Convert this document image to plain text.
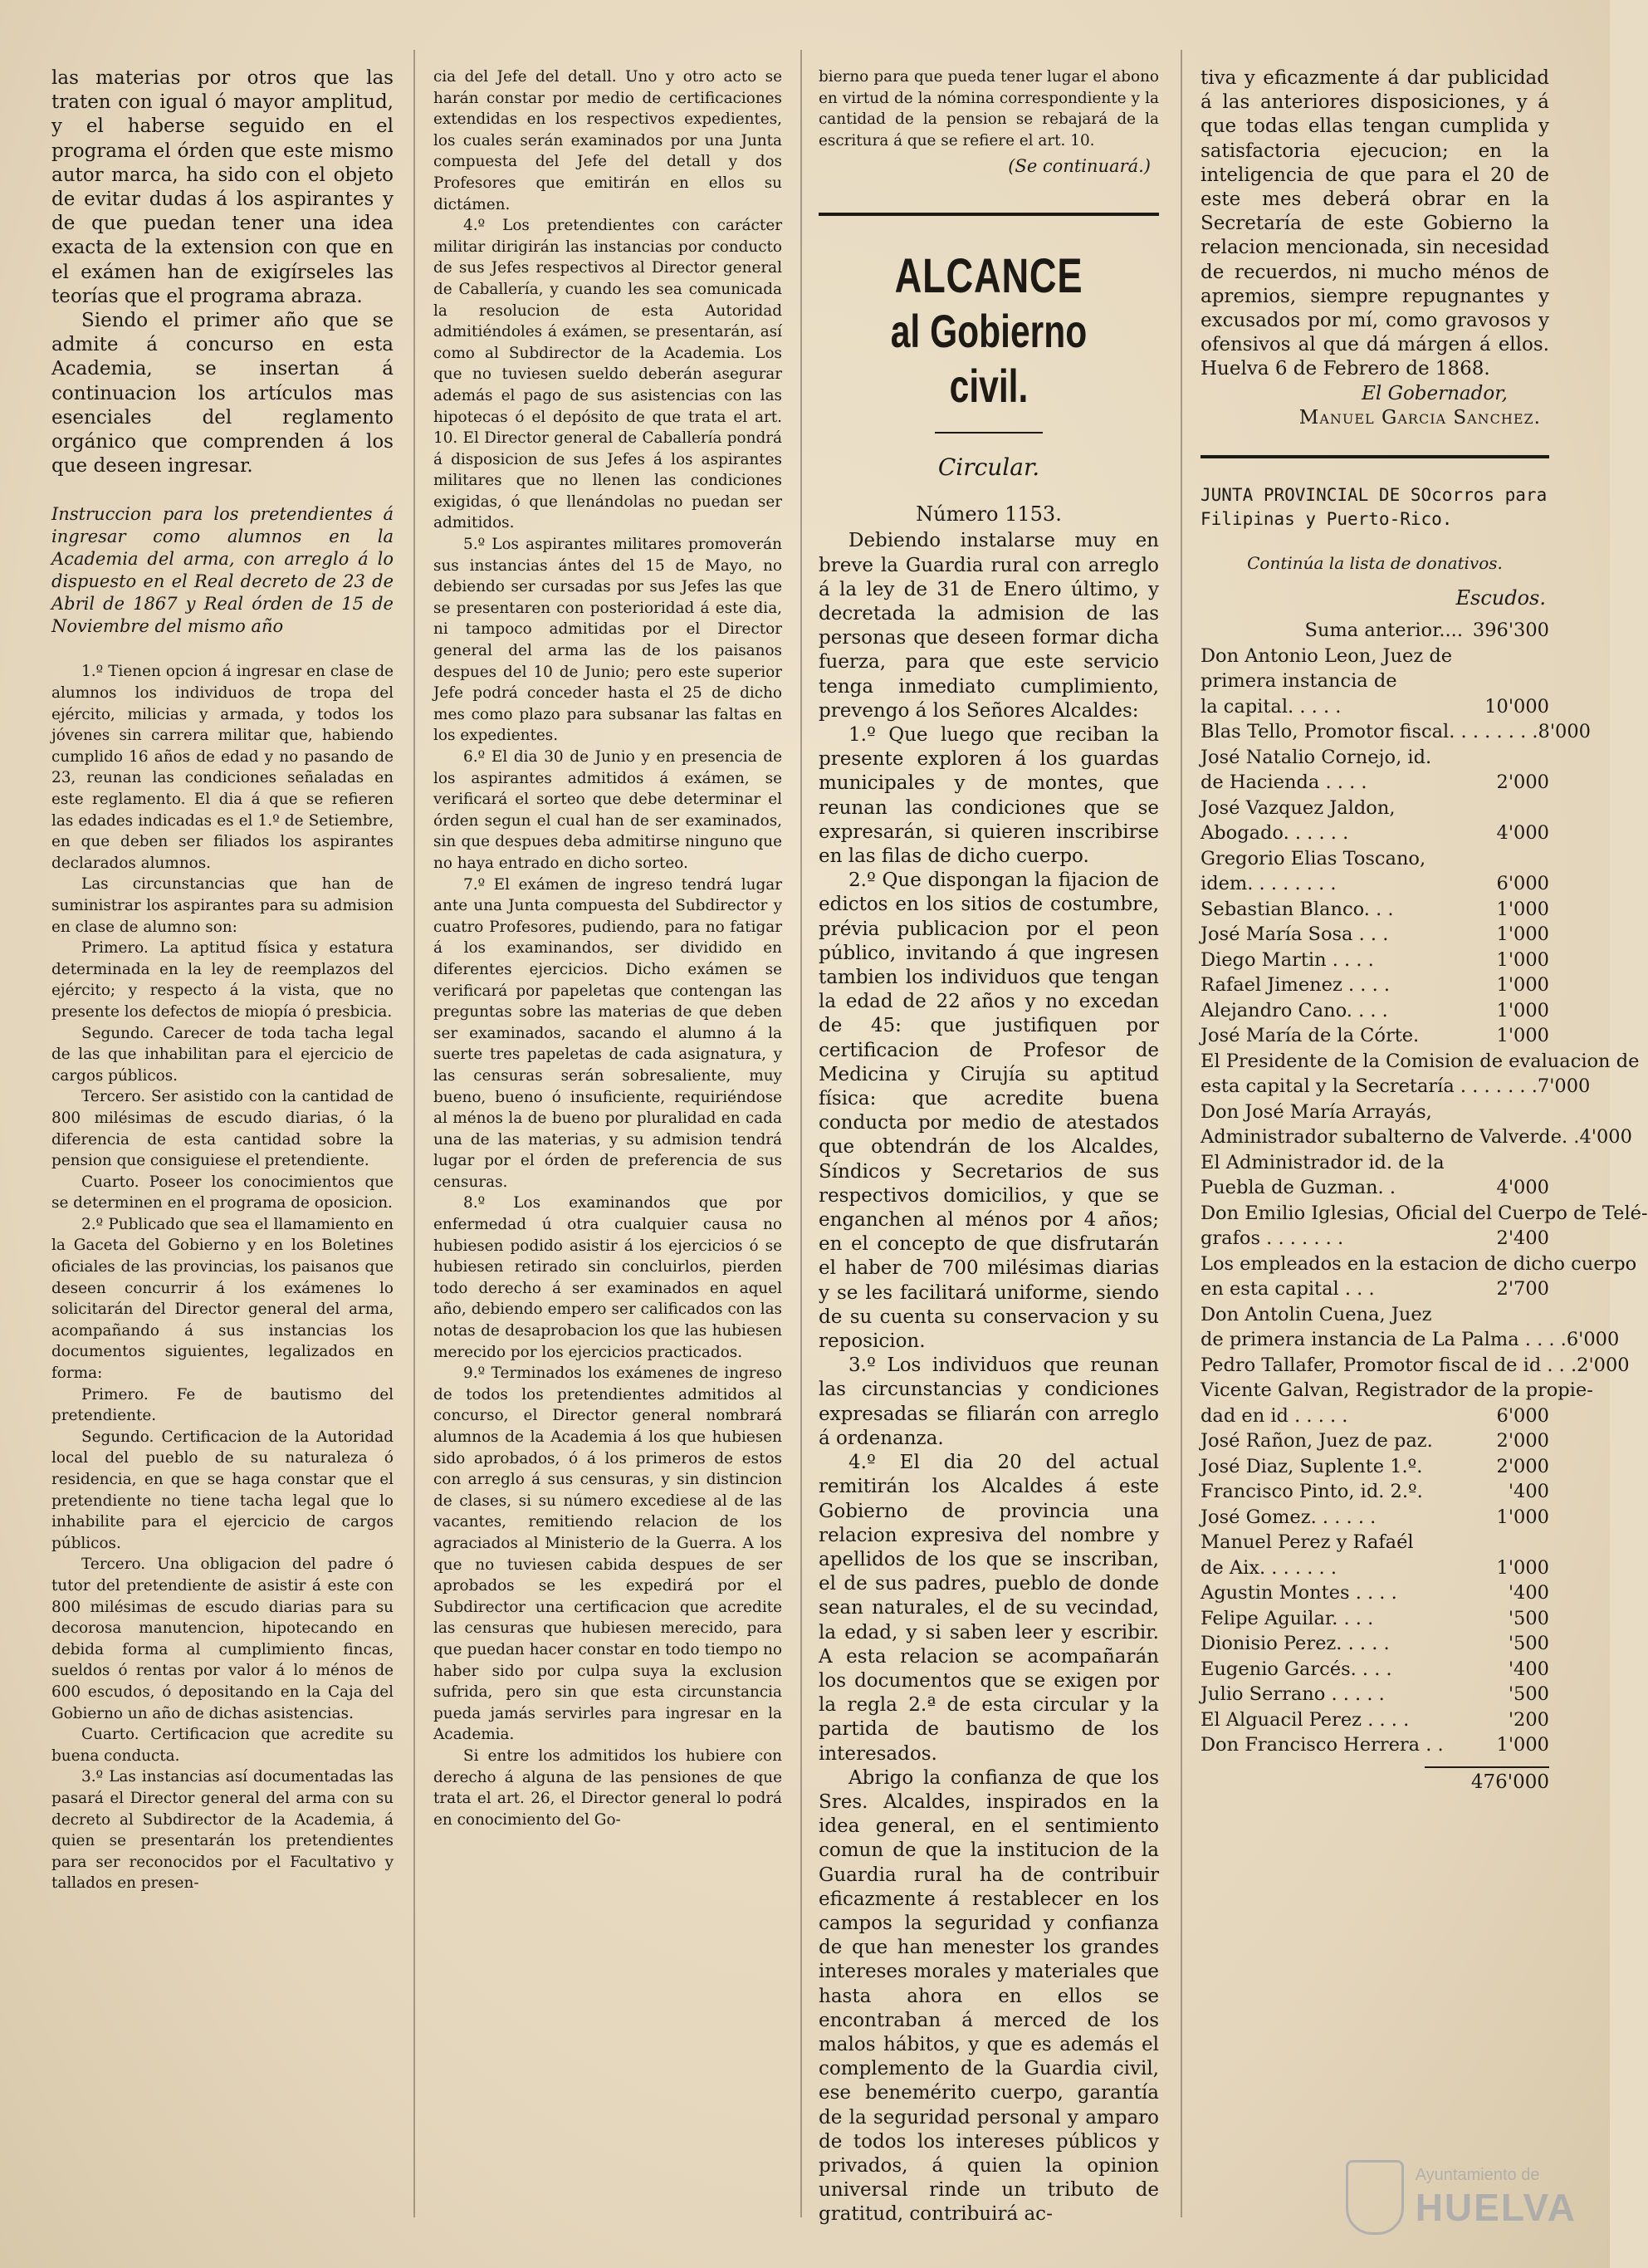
las materias por otros que las traten con igual ó mayor amplitud, y el haberse seguido en el programa el órden que este mismo autor marca, ha sido con el objeto de evitar dudas á los aspirantes y de que puedan tener una idea exacta de la extension con que en el exámen han de exigírseles las teorías que el programa abraza.

Siendo el primer año que se admite á concurso en esta Academia, se insertan á continuacion los artículos mas esenciales del reglamento orgánico que comprenden á los que deseen ingresar.

Instruccion para los pretendientes á ingresar como alumnos en la Academia del arma, con arreglo á lo dispuesto en el Real decreto de 23 de Abril de 1867 y Real órden de 15 de Noviembre del mismo año

1.º Tienen opcion á ingresar en clase de alumnos los individuos de tropa del ejército, milicias y armada, y todos los jóvenes sin carrera militar que, habiendo cumplido 16 años de edad y no pasando de 23, reunan las condiciones señaladas en este reglamento. El dia á que se refieren las edades indicadas es el 1.º de Setiembre, en que deben ser filiados los aspirantes declarados alumnos.

Las circunstancias que han de suministrar los aspirantes para su admision en clase de alumno son:

Primero. La aptitud física y estatura determinada en la ley de reemplazos del ejército; y respecto á la vista, que no presente los defectos de miopía ó presbicia.

Segundo. Carecer de toda tacha legal de las que inhabilitan para el ejercicio de cargos públicos.

Tercero. Ser asistido con la cantidad de 800 milésimas de escudo diarias, ó la diferencia de esta cantidad sobre la pension que consiguiese el pretendiente.

Cuarto. Poseer los conocimientos que se determinen en el programa de oposicion.

2.º Publicado que sea el llamamiento en la Gaceta del Gobierno y en los Boletines oficiales de las provincias, los paisanos que deseen concurrir á los exámenes lo solicitarán del Director general del arma, acompañando á sus instancias los documentos siguientes, legalizados en forma:

Primero. Fe de bautismo del pretendiente.

Segundo. Certificacion de la Autoridad local del pueblo de su naturaleza ó residencia, en que se haga constar que el pretendiente no tiene tacha legal que lo inhabilite para el ejercicio de cargos públicos.

Tercero. Una obligacion del padre ó tutor del pretendiente de asistir á este con 800 milésimas de escudo diarias para su decorosa manutencion, hipotecando en debida forma al cumplimiento fincas, sueldos ó rentas por valor á lo ménos de 600 escudos, ó depositando en la Caja del Gobierno un año de dichas asistencias.

Cuarto. Certificacion que acredite su buena conducta.

3.º Las instancias así documentadas las pasará el Director general del arma con su decreto al Subdirector de la Academia, á quien se presentarán los pretendientes para ser reconocidos por el Facultativo y tallados en presen-

cia del Jefe del detall. Uno y otro acto se harán constar por medio de certificaciones extendidas en los respectivos expedientes, los cuales serán examinados por una Junta compuesta del Jefe del detall y dos Profesores que emitirán en ellos su dictámen.

4.º Los pretendientes con carácter militar dirigirán las instancias por conducto de sus Jefes respectivos al Director general de Caballería, y cuando les sea comunicada la resolucion de esta Autoridad admitiéndoles á exámen, se presentarán, así como al Subdirector de la Academia. Los que no tuviesen sueldo deberán asegurar además el pago de sus asistencias con las hipotecas ó el depósito de que trata el art. 10. El Director general de Caballería pondrá á disposicion de sus Jefes á los aspirantes militares que no llenen las condiciones exigidas, ó que llenándolas no puedan ser admitidos.

5.º Los aspirantes militares promoverán sus instancias ántes del 15 de Mayo, no debiendo ser cursadas por sus Jefes las que se presentaren con posterioridad á este dia, ni tampoco admitidas por el Director general del arma las de los paisanos despues del 10 de Junio; pero este superior Jefe podrá conceder hasta el 25 de dicho mes como plazo para subsanar las faltas en los expedientes.

6.º El dia 30 de Junio y en presencia de los aspirantes admitidos á exámen, se verificará el sorteo que debe determinar el órden segun el cual han de ser examinados, sin que despues deba admitirse ninguno que no haya entrado en dicho sorteo.

7.º El exámen de ingreso tendrá lugar ante una Junta compuesta del Subdirector y cuatro Profesores, pudiendo, para no fatigar á los examinandos, ser dividido en diferentes ejercicios. Dicho exámen se verificará por papeletas que contengan las preguntas sobre las materias de que deben ser examinados, sacando el alumno á la suerte tres papeletas de cada asignatura, y las censuras serán sobresaliente, muy bueno, bueno ó insuficiente, requiriéndose al ménos la de bueno por pluralidad en cada una de las materias, y su admision tendrá lugar por el órden de preferencia de sus censuras.

8.º Los examinandos que por enfermedad ú otra cualquier causa no hubiesen podido asistir á los ejercicios ó se hubiesen retirado sin concluirlos, pierden todo derecho á ser examinados en aquel año, debiendo empero ser calificados con las notas de desaprobacion los que las hubiesen merecido por los ejercicios practicados.

9.º Terminados los exámenes de ingreso de todos los pretendientes admitidos al concurso, el Director general nombrará alumnos de la Academia á los que hubiesen sido aprobados, ó á los primeros de estos con arreglo á sus censuras, y sin distincion de clases, si su número excediese al de las vacantes, remitiendo relacion de los agraciados al Ministerio de la Guerra. A los que no tuviesen cabida despues de ser aprobados se les expedirá por el Subdirector una certificacion que acredite las censuras que hubiesen merecido, para que puedan hacer constar en todo tiempo no haber sido por culpa suya la exclusion sufrida, pero sin que esta circunstancia pueda jamás servirles para ingresar en la Academia.

Si entre los admitidos los hubiere con derecho á alguna de las pensiones de que trata el art. 26, el Director general lo podrá en conocimiento del Go-

bierno para que pueda tener lugar el abono en virtud de la nómina correspondiente y la cantidad de la pension se rebajará de la escritura á que se refiere el art. 10.

(Se continuará.)

ALCANCE
al Gobierno civil.
Circular.
Número 1153.

Debiendo instalarse muy en breve la Guardia rural con arreglo á la ley de 31 de Enero último, y decretada la admision de las personas que deseen formar dicha fuerza, para que este servicio tenga inmediato cumplimiento, prevengo á los Señores Alcaldes:

1.º Que luego que reciban la presente exploren á los guardas municipales y de montes, que reunan las condiciones que se expresarán, si quieren inscribirse en las filas de dicho cuerpo.

2.º Que dispongan la fijacion de edictos en los sitios de costumbre, prévia publicacion por el peon público, invitando á que ingresen tambien los individuos que tengan la edad de 22 años y no excedan de 45: que justifiquen por certificacion de Profesor de Medicina y Cirujía su aptitud física: que acredite buena conducta por medio de atestados que obtendrán de los Alcaldes, Síndicos y Secretarios de sus respectivos domicilios, y que se enganchen al ménos por 4 años; en el concepto de que disfrutarán el haber de 700 milésimas diarias y se les facilitará uniforme, siendo de su cuenta su conservacion y su reposicion.

3.º Los individuos que reunan las circunstancias y condiciones expresadas se filiarán con arreglo á ordenanza.

4.º El dia 20 del actual remitirán los Alcaldes á este Gobierno de provincia una relacion expresiva del nombre y apellidos de los que se inscriban, el de sus padres, pueblo de donde sean naturales, el de su vecindad, la edad, y si saben leer y escribir. A esta relacion se acompañarán los documentos que se exigen por la regla 2.ª de esta circular y la partida de bautismo de los interesados.

Abrigo la confianza de que los Sres. Alcaldes, inspirados en la idea general, en el sentimiento comun de que la institucion de la Guardia rural ha de contribuir eficazmente á restablecer en los campos la seguridad y confianza de que han menester los grandes intereses morales y materiales que hasta ahora en ellos se encontraban á merced de los malos hábitos, y que es además el complemento de la Guardia civil, ese benemérito cuerpo, garantía de la seguridad personal y amparo de todos los intereses públicos y privados, á quien la opinion universal rinde un tributo de gratitud, contribuirá ac-

tiva y eficazmente á dar publicidad á las anteriores disposiciones, y á que todas ellas tengan cumplida y satisfactoria ejecucion; en la inteligencia de que para el 20 de este mes deberá obrar en la Secretaría de este Gobierno la relacion mencionada, sin necesidad de recuerdos, ni mucho ménos de apremios, siempre repugnantes y excusados por mí, como gravosos y ofensivos al que dá márgen á ellos. Huelva 6 de Febrero de 1868.

El Gobernador,

Manuel Garcia Sanchez.

JUNTA PROVINCIAL DE SOcorros para Filipinas y Puerto-Rico.

Continúa la lista de donativos.

Escudos.

Suma anterior.... 396'300
Don Antonio Leon, Juez de
primera instancia de
la capital. . . . .	10'000
Blas Tello, Promotor fiscal. . . . . . . . 8'000
José Natalio Cornejo, id.
de Hacienda . . . .	2'000
José Vazquez Jaldon,
Abogado. . . . . .	4'000
Gregorio Elias Toscano,
idem. . . . . . . .	6'000
Sebastian Blanco. . .	1'000
José María Sosa . . .	1'000
Diego Martin . . . .	1'000
Rafael Jimenez . . . .	1'000
Alejandro Cano. . . .	1'000
José María de la Córte.	1'000
El Presidente de la Comision de evaluacion de
esta capital y la Secretaría . . . . . . . 7'000
Don José María Arrayás,
Administrador subalterno de Valverde. . 4'000
El Administrador id. de la
Puebla de Guzman. .	4'000
Don Emilio Iglesias, Oficial del Cuerpo de Telé-
grafos . . . . . . .	2'400
Los empleados en la estacion de dicho cuerpo
en esta capital . . .	2'700
Don Antolin Cuena, Juez
de primera instancia de La Palma . . . . 6'000
Pedro Tallafer, Promotor fiscal de id . . . 2'000
Vicente Galvan, Registrador de la propie-
dad en id . . . . .	6'000
José Rañon, Juez de paz.	2'000
José Diaz, Suplente 1.º.	2'000
Francisco Pinto, id. 2.º.	'400
José Gomez. . . . . .	1'000
Manuel Perez y Rafaél
de Aix. . . . . . .	1'000
Agustin Montes . . . .	'400
Felipe Aguilar. . . .	'500
Dionisio Perez. . . . .	'500
Eugenio Garcés. . . .	'400
Julio Serrano . . . . .	'500
El Alguacil Perez . . . .	'200
Don Francisco Herrera . .	1'000
476'000
Ayuntamiento de
HUELVA
